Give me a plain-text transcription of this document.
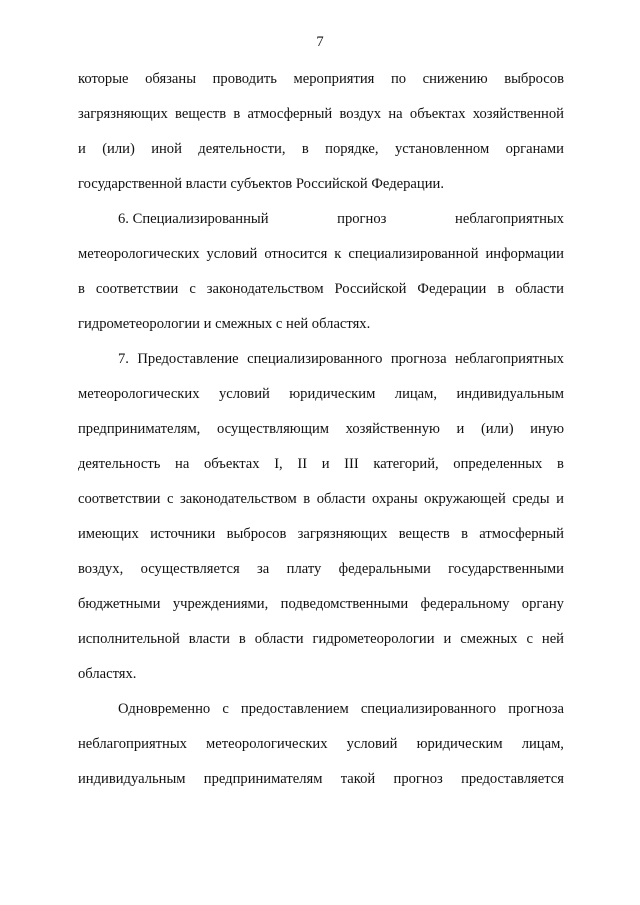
7
которые обязаны проводить мероприятия по снижению выбросов
загрязняющих веществ в атмосферный воздух на объектах хозяйственной
и (или) иной деятельности, в порядке, установленном органами
государственной власти субъектов Российской Федерации.
6. Специализированный	прогноз	неблагоприятных
метеорологических условий относится к специализированной информации
в соответствии с законодательством Российской Федерации в области
гидрометеорологии и смежных с ней областях.
7. Предоставление специализированного прогноза неблагоприятных
метеорологических условий юридическим лицам, индивидуальным
предпринимателям, осуществляющим хозяйственную и (или) иную
деятельность на объектах I, II и III категорий, определенных в
соответствии с законодательством в области охраны окружающей среды и
имеющих источники выбросов загрязняющих веществ в атмосферный
воздух, осуществляется за плату федеральными государственными
бюджетными учреждениями, подведомственными федеральному органу
исполнительной власти в области гидрометеорологии и смежных с ней
областях.
Одновременно с предоставлением специализированного прогноза
неблагоприятных метеорологических условий юридическим лицам,
индивидуальным предпринимателям такой прогноз предоставляется
